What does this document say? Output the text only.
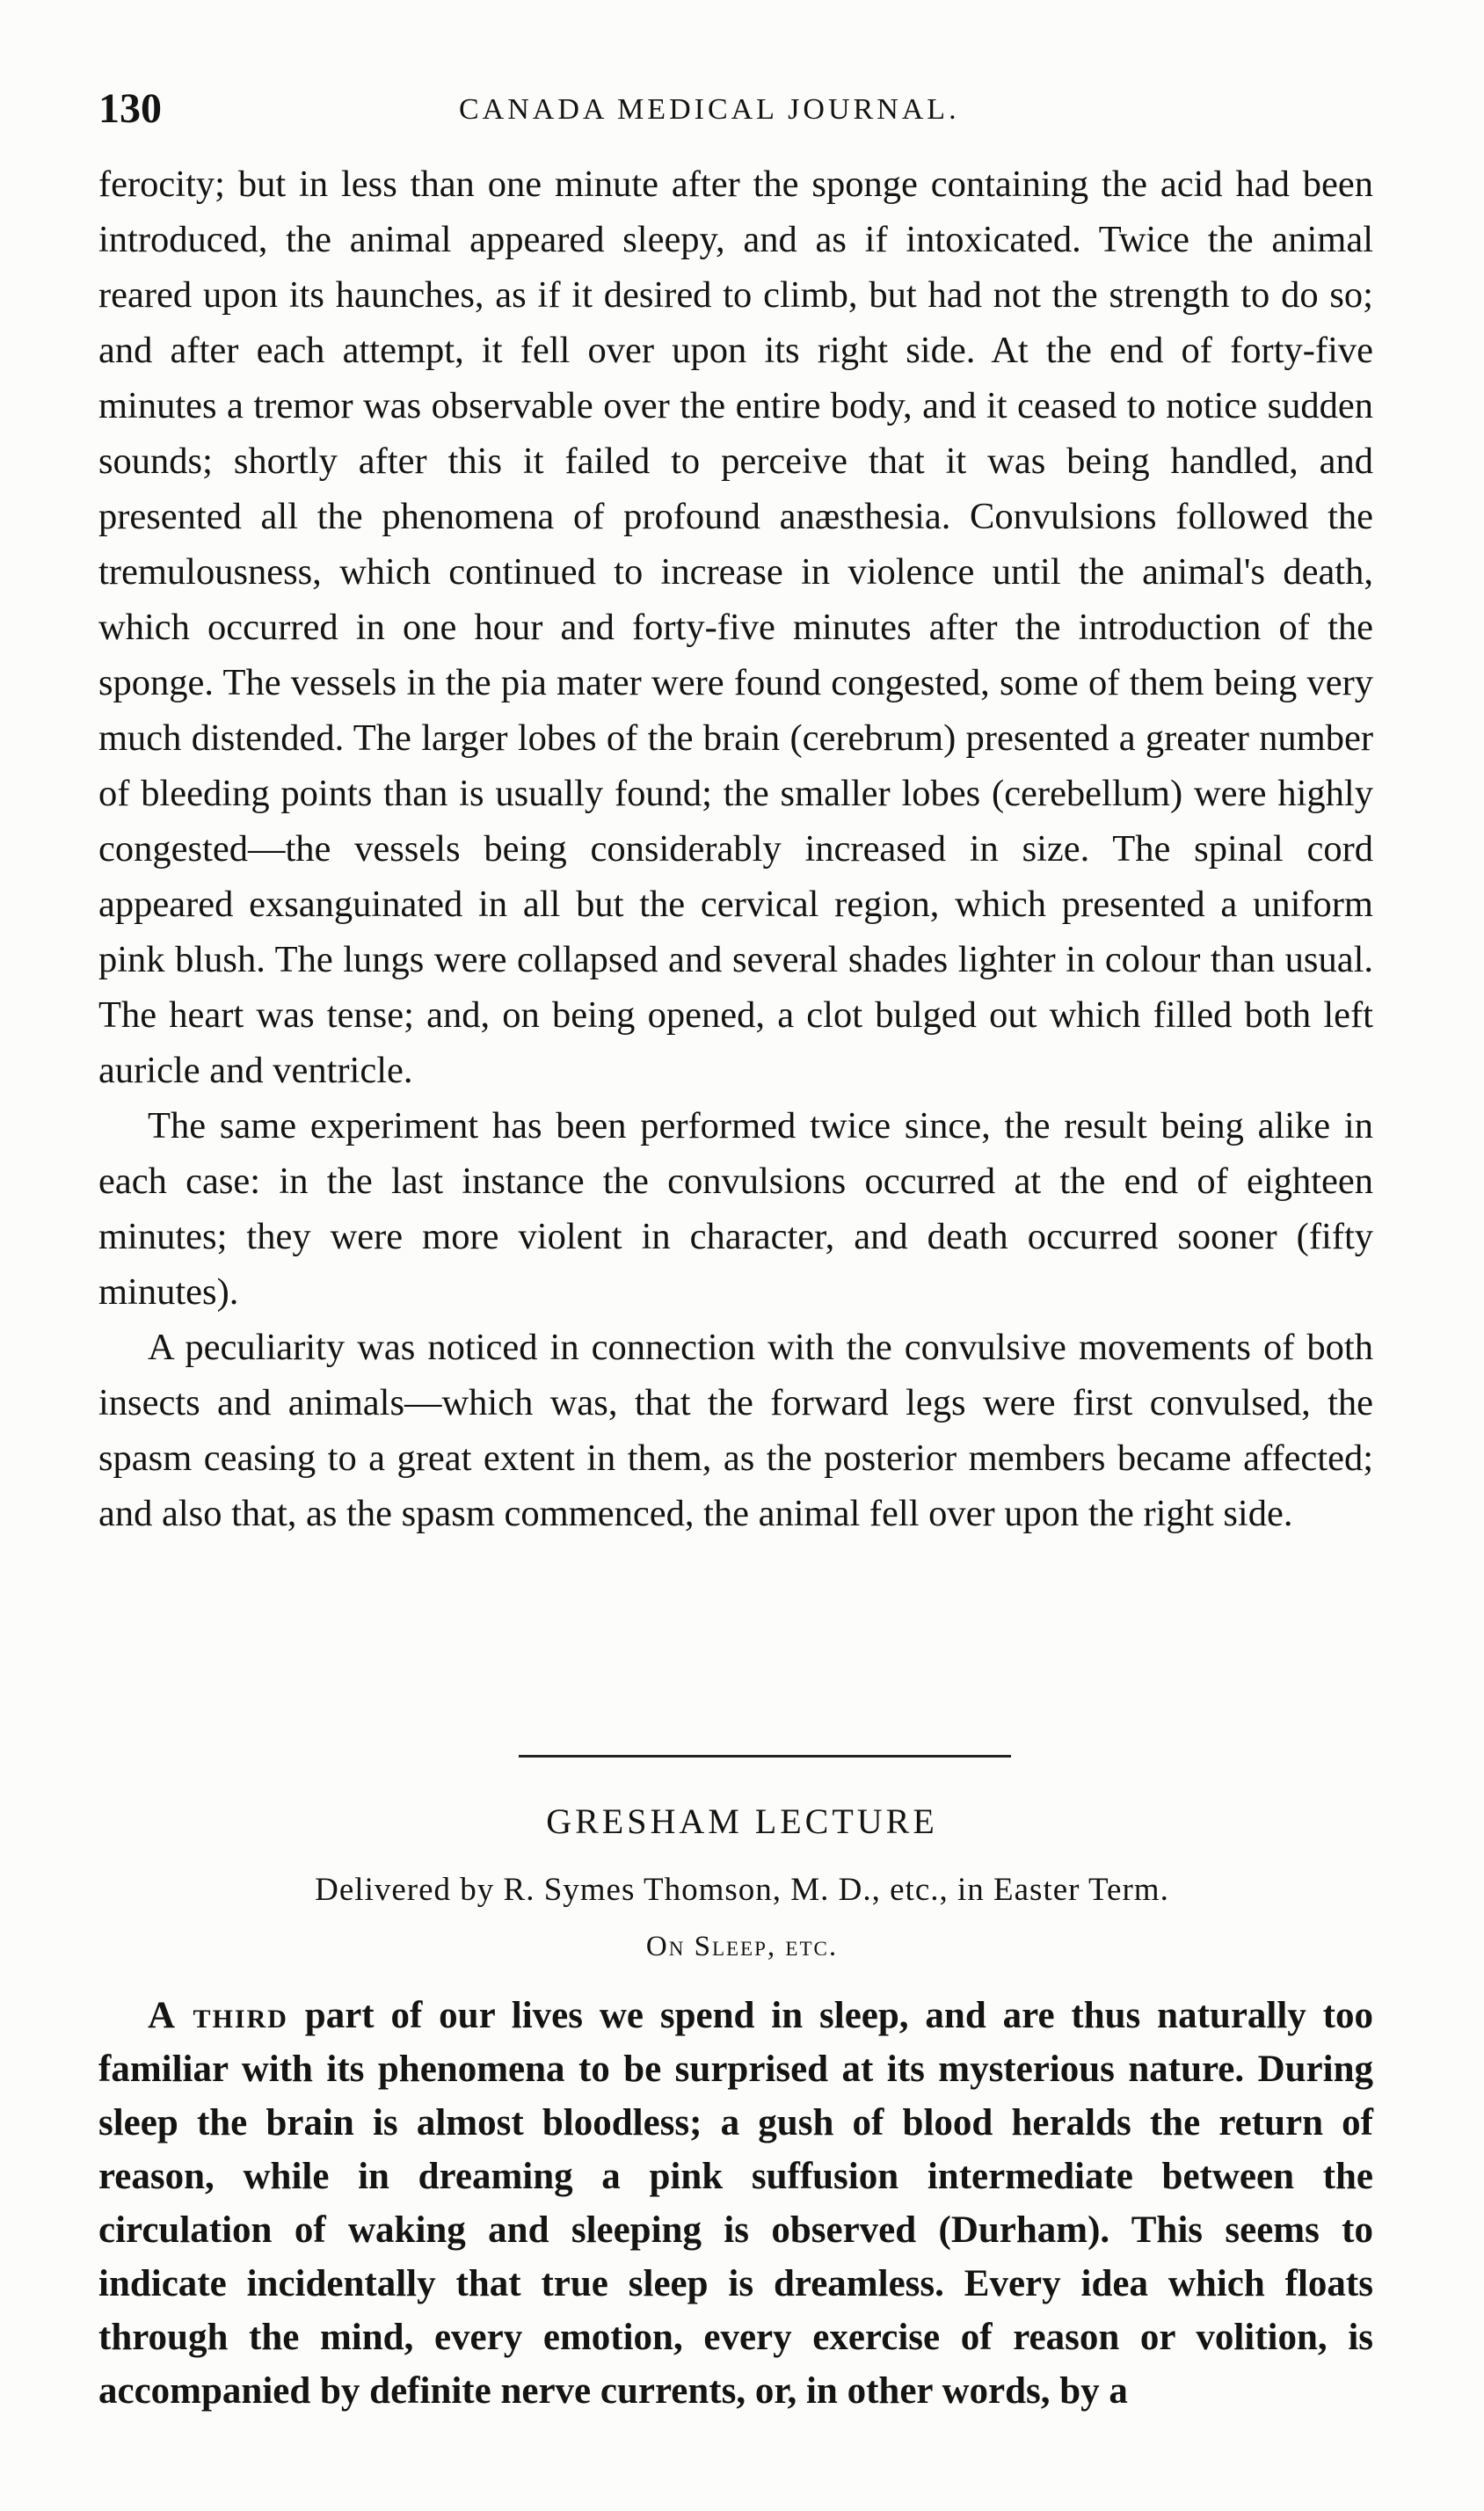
130	CANADA MEDICAL JOURNAL.

ferocity; but in less than one minute after the sponge containing the acid had been introduced, the animal appeared sleepy, and as if intoxicated. Twice the animal reared upon its haunches, as if it desired to climb, but had not the strength to do so; and after each attempt, it fell over upon its right side. At the end of forty-five minutes a tremor was observable over the entire body, and it ceased to notice sudden sounds; shortly after this it failed to perceive that it was being handled, and presented all the phenomena of profound anæsthesia. Convulsions followed the tremulousness, which continued to increase in violence until the animal's death, which occurred in one hour and forty-five minutes after the introduction of the sponge. The vessels in the pia mater were found congested, some of them being very much distended. The larger lobes of the brain (cerebrum) presented a greater number of bleeding points than is usually found; the smaller lobes (cerebellum) were highly congested—the vessels being considerably increased in size. The spinal cord appeared exsanguinated in all but the cervical region, which presented a uniform pink blush. The lungs were collapsed and several shades lighter in colour than usual. The heart was tense; and, on being opened, a clot bulged out which filled both left auricle and ventricle.

The same experiment has been performed twice since, the result being alike in each case: in the last instance the convulsions occurred at the end of eighteen minutes; they were more violent in character, and death occurred sooner (fifty minutes).

A peculiarity was noticed in connection with the convulsive movements of both insects and animals—which was, that the forward legs were first convulsed, the spasm ceasing to a great extent in them, as the posterior members became affected; and also that, as the spasm commenced, the animal fell over upon the right side.

GRESHAM LECTURE
Delivered by R. Symes Thomson, M. D., etc., in Easter Term.
On Sleep, etc.

A third part of our lives we spend in sleep, and are thus naturally too familiar with its phenomena to be surprised at its mysterious nature. During sleep the brain is almost bloodless; a gush of blood heralds the return of reason, while in dreaming a pink suffusion intermediate between the circulation of waking and sleeping is observed (Durham). This seems to indicate incidentally that true sleep is dreamless. Every idea which floats through the mind, every emotion, every exercise of reason or volition, is accompanied by definite nerve currents, or, in other words, by a
